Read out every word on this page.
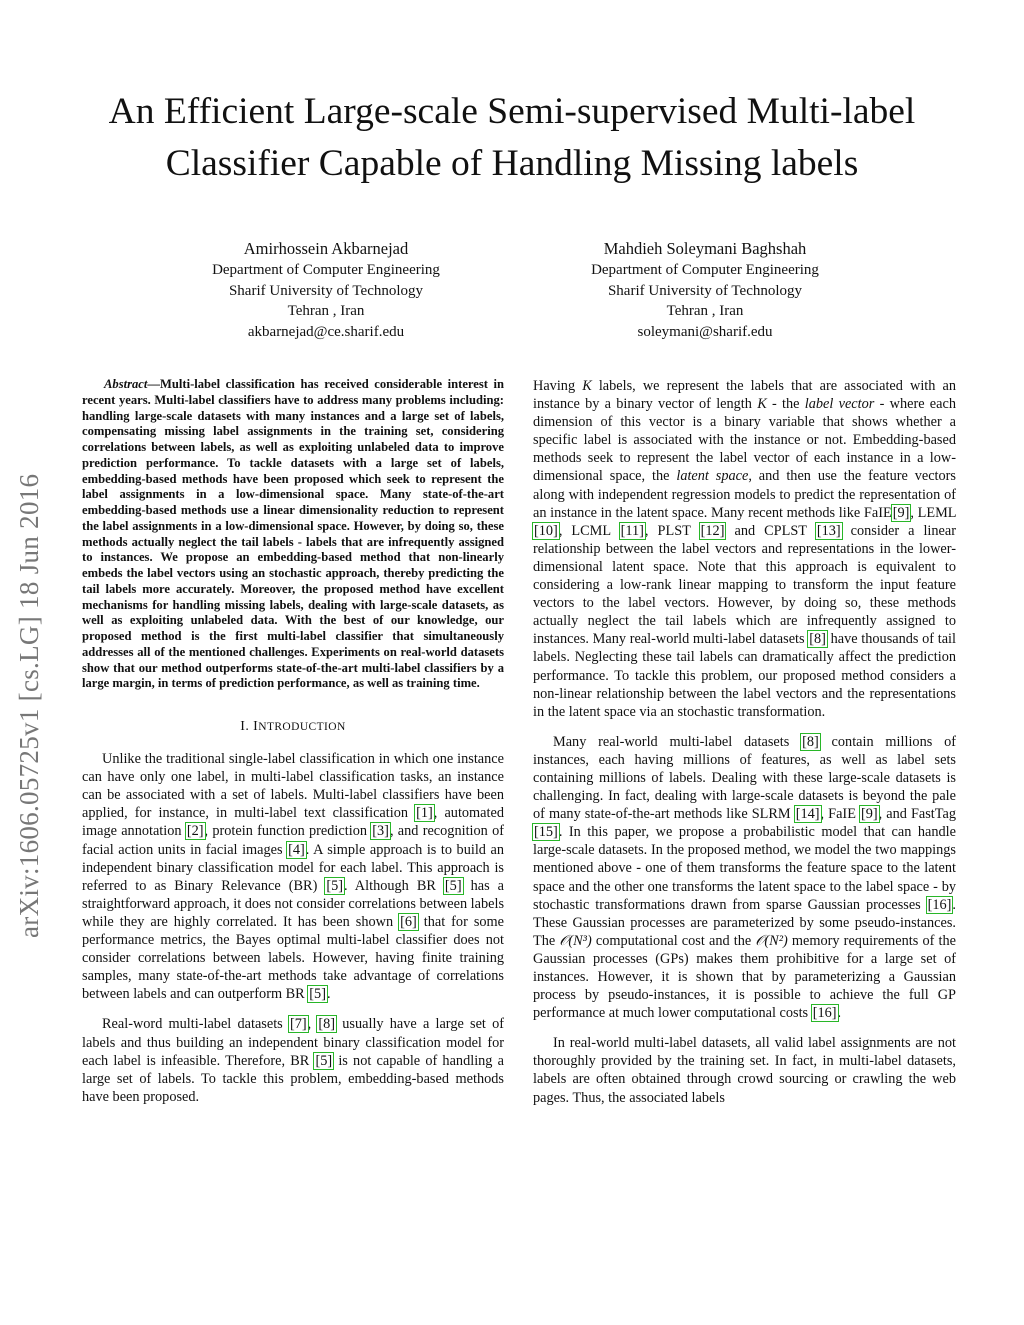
An Efficient Large-scale Semi-supervised Multi-label
Classifier Capable of Handling Missing labels
Amirhossein Akbarnejad
Department of Computer Engineering
Sharif University of Technology
Tehran , Iran
akbarnejad@ce.sharif.edu
Mahdieh Soleymani Baghshah
Department of Computer Engineering
Sharif University of Technology
Tehran , Iran
soleymani@sharif.edu
arXiv:1606.05725v1 [cs.LG] 18 Jun 2016

Abstract—Multi-label classification has received considerable interest in recent years. Multi-label classifiers have to address many problems including: handling large-scale datasets with many instances and a large set of labels, compensating missing label assignments in the training set, considering correlations between labels, as well as exploiting unlabeled data to improve prediction performance. To tackle datasets with a large set of labels, embedding-based methods have been proposed which seek to represent the label assignments in a low-dimensional space. Many state-of-the-art embedding-based methods use a linear dimensionality reduction to represent the label assignments in a low-dimensional space. However, by doing so, these methods actually neglect the tail labels - labels that are infrequently assigned to instances. We propose an embedding-based method that non-linearly embeds the label vectors using an stochastic approach, thereby predicting the tail labels more accurately. Moreover, the proposed method have excellent mechanisms for handling missing labels, dealing with large-scale datasets, as well as exploiting unlabeled data. With the best of our knowledge, our proposed method is the first multi-label classifier that simultaneously addresses all of the mentioned challenges. Experiments on real-world datasets show that our method outperforms state-of-the-art multi-label classifiers by a large margin, in terms of prediction performance, as well as training time.

I. INTRODUCTION

Unlike the traditional single-label classification in which one instance can have only one label, in multi-label classification tasks, an instance can be associated with a set of labels. Multi-label classifiers have been applied, for instance, in multi-label text classification [1], automated image annotation [2], protein function prediction [3], and recognition of facial action units in facial images [4]. A simple approach is to build an independent binary classification model for each label. This approach is referred to as Binary Relevance (BR) [5]. Although BR [5] has a straightforward approach, it does not consider correlations between labels while they are highly correlated. It has been shown [6] that for some performance metrics, the Bayes optimal multi-label classifier does not consider correlations between labels. However, having finite training samples, many state-of-the-art methods take advantage of correlations between labels and can outperform BR [5].

Real-word multi-label datasets [7], [8] usually have a large set of labels and thus building an independent binary classification model for each label is infeasible. Therefore, BR [5] is not capable of handling a large set of labels. To tackle this problem, embedding-based methods have been proposed.

Having K labels, we represent the labels that are associated with an instance by a binary vector of length K - the label vector - where each dimension of this vector is a binary variable that shows whether a specific label is associated with the instance or not. Embedding-based methods seek to represent the label vector of each instance in a low-dimensional space, the latent space, and then use the feature vectors along with independent regression models to predict the representation of an instance in the latent space. Many recent methods like FaIE[9], LEML [10], LCML [11], PLST [12] and CPLST [13] consider a linear relationship between the label vectors and representations in the lower-dimensional latent space. Note that this approach is equivalent to considering a low-rank linear mapping to transform the input feature vectors to the label vectors. However, by doing so, these methods actually neglect the tail labels which are infrequently assigned to instances. Many real-world multi-label datasets [8] have thousands of tail labels. Neglecting these tail labels can dramatically affect the prediction performance. To tackle this problem, our proposed method considers a non-linear relationship between the label vectors and the representations in the latent space via an stochastic transformation.

Many real-world multi-label datasets [8] contain millions of instances, each having millions of features, as well as label sets containing millions of labels. Dealing with these large-scale datasets is challenging. In fact, dealing with large-scale datasets is beyond the pale of many state-of-the-art methods like SLRM [14], FaIE [9], and FastTag [15]. In this paper, we propose a probabilistic model that can handle large-scale datasets. In the proposed method, we model the two mappings mentioned above - one of them transforms the feature space to the latent space and the other one transforms the latent space to the label space - by stochastic transformations drawn from sparse Gaussian processes [16]. These Gaussian processes are parameterized by some pseudo-instances. The 𝒪(N³) computational cost and the 𝒪(N²) memory requirements of the Gaussian processes (GPs) makes them prohibitive for a large set of instances. However, it is shown that by parameterizing a Gaussian process by pseudo-instances, it is possible to achieve the full GP performance at much lower computational costs [16].

In real-world multi-label datasets, all valid label assignments are not thoroughly provided by the training set. In fact, in multi-label datasets, labels are often obtained through crowd sourcing or crawling the web pages. Thus, the associated labels
